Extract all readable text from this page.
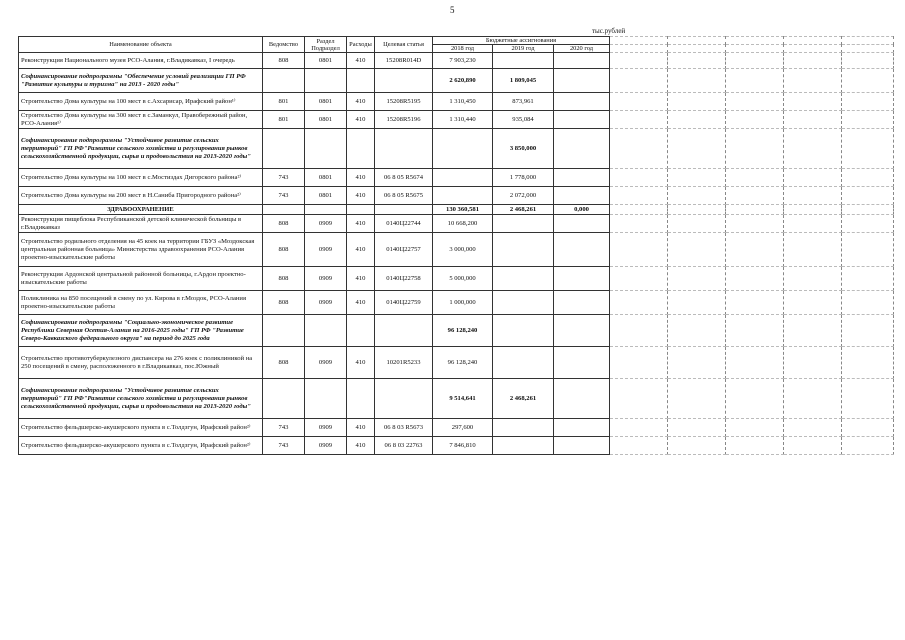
5
тыс.рублей
Наименование объекта	Ведомство	Раздел Подраздел	Расходы	Целевая статья	Бюджетные ассигнования							

					2018 год	2019 год	2020 год					
Реконструкция Национального музея РСО-Алания, г.Владикавказ, I очередь	808	0801	410	15208R014D	7 903,230							
Софинансирование подпрограммы "Обеспечение условий реализации ГП РФ "Развитие культуры и туризма" на 2013 - 2020 годы"					2 620,890	1 809,045						
Строительство Дома культуры на 100 мест в с.Ахсарисар, Ирафский район¹⁾	801	0801	410	15208R5195	1 310,450	873,961						
Строительство Дома культуры на 300 мест в с.Заманкул, Правобережный район, РСО-Алания¹⁾	801	0801	410	15208R5196	1 310,440	935,084						
Софинансирование подпрограммы "Устойчивое развитие сельских территорий" ГП РФ"Развитие сельского хозяйства и регулирования рынков сельскохозяйственной продукции, сырья и продовольствия на 2013-2020 годы"						3 850,000						
Строительство Дома культуры на 100 мест в с.Мостиздах Дигорского района²⁾	743	0801	410	06 8 05 R5674		1 778,000						
Строительство Дома культуры на 200 мест в Н.Саниба Пригородного района²⁾	743	0801	410	06 8 05 R5675		2 072,000						
ЗДРАВООХРАНЕНИЕ					130 360,581	2 468,261	0,000					
Реконструкция пищеблока Республиканской детской клинической больницы в г.Владикавказ	808	0909	410	0140Ц22744	10 668,200							
Строительство родильного отделения на 45 коек на территории ГБУЗ «Моздокская центральная районная больница» Министерства здравоохранения РСО-Алания проектно-изыскательские работы	808	0909	410	0140Ц22757	3 000,000							
Реконструкция Ардонской центральной районной больницы, г.Ардон проектно-изыскательские работы	808	0909	410	0140Ц22758	5 000,000							
Поликлиника на 850 посещений в смену по ул. Кирова в г.Моздок, РСО-Алания проектно-изыскательские работы	808	0909	410	0140Ц22759	1 000,000							
Софинансирование подпрограммы "Социально-экономическое развитие Республики Северная Осетия-Алания на 2016-2025 годы" ГП РФ "Развитие Северо-Кавказского федерального округа" на период до 2025 года					96 128,240							
Строительство противотуберкулезного диспансера на 276 коек с поликлиникой на 250 посещений в смену, расположенного в г.Владикавказ, пос.Южный	808	0909	410	10201R5233	96 128,240							
Софинансирование подпрограммы "Устойчивое развитие сельских территорий" ГП РФ"Развитие сельского хозяйства и регулирования рынков сельскохозяйственной продукции, сырья и продовольствия на 2013-2020 годы"					9 514,641	2 468,261						
Строительство фельдшерско-акушерского пункта в с.Толдзгун, Ирафский район²⁾	743	0909	410	06 8 03 R5673	297,600							
Строительство фельдшерско-акушерского пункта в с.Толдзгун, Ирафский район²⁾	743	0909	410	06 8 03 22763	7 846,810							
